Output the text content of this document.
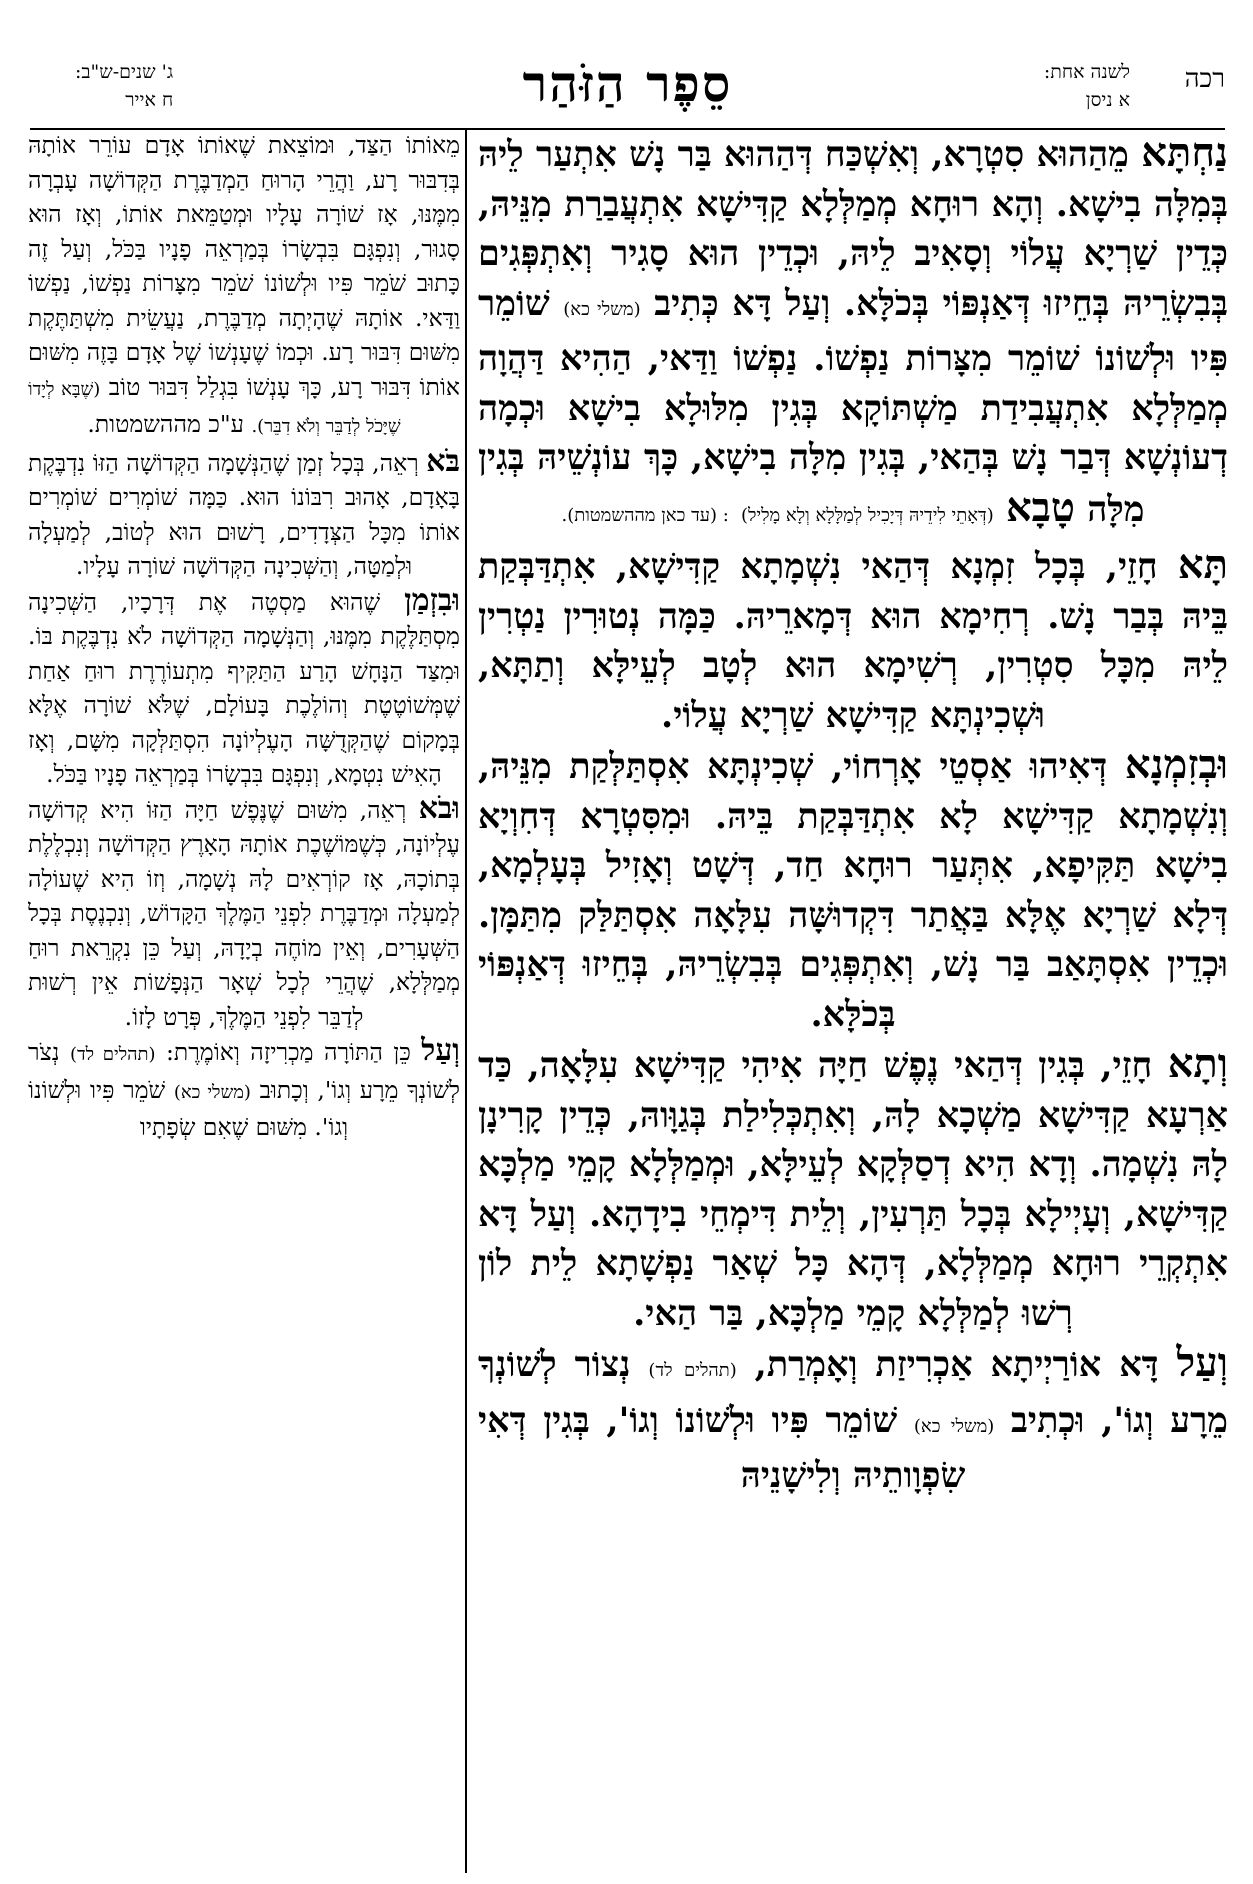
רכה
לשנה אחת:
א ניסן
סֵפֶר הַזֹּהַר
ג' שנים-ש"ב:
ח אייר

נַחְתָּא מֵהַהוּא סִטְרָא, וְאִשְׁכַּח דְּהַהוּא בַּר נָשׁ אִתְעַר לֵיהּ בְּמִלָּה בִישָׁא. וְהָא רוּחָא מְמַלְּלָא קַדִּישָׁא אִתְעֲבַרַת מִנֵּיהּ, כְּדֵין שַׁרְיָא עֲלוֹי וְסָאִיב לֵיהּ, וּכְדֵין הוּא סָגִיר וְאִתְפְּגִים בְּבִשְׂרֵיהּ בְּחֵיזוּ דְּאַנְפּוֹי בְּכֹלָּא. וְעַל דָּא כְּתִיב (משלי כא) שׁוֹמֵר פִּיו וּלְשׁוֹנוֹ שׁוֹמֵר מִצָּרוֹת נַפְשׁוֹ. נַפְשׁוֹ וַדַּאי, הַהִיא דַּהֲוָה מְמַלְּלָא אִתְעֲבִידַת מַשְׁתּוֹקָא בְּגִין מִלּוּלָא בִישָׁא וּכְמָה דְעוֹנְשָׁא דְּבַר נָשׁ בְּהַאי, בְּגִין מִלָּה בִישָׁא, כָּךְ עוֹנְשֵׁיהּ בְּגִין מִלָּה טָבָא (דְּאָתֵי לִידֵיהּ דְּיָכִיל לְמַלָּלָא וְלָא מָלִיל) : (עד כאן מההשמטות).

תָּא חָזֵי, בְּכָל זִמְנָא דְּהַאי נִשְׁמָתָא קַדִּישָׁא, אִתְדַּבְּקַת בֵּיהּ בְּבַר נָשׁ. רְחִימָא הוּא דְּמָארֵיהּ. כַּמָּה נְטוּרִין נַטְרִין לֵיהּ מִכָּל סִטְרִין, רְשִׁימָא הוּא לְטָב לְעֵילָּא וְתַתָּא, וּשְׁכִינְתָּא קַדִּישָׁא שַׁרְיָא עֲלוֹי.

וּבְזִמְנָא דְּאִיהוּ אַסְטֵי אָרְחוֹי, שְׁכִינְתָּא אִסְתַּלְּקַת מִנֵּיהּ, וְנִשְׁמָתָא קַדִּישָׁא לָא אִתְדַּבְּקַת בֵּיהּ. וּמִסִּטְרָא דְּחִוְיָא בִישָׁא תַּקִּיפָא, אִתְּעַר רוּחָא חַד, דְּשָׁט וְאָזִיל בְּעָלְמָא, דְּלָא שַׁרְיָא אֶלָּא בַּאֲתַר דִּקְדוּשָּׁה עִלָּאָה אִסְתַּלַּק מִתַּמָּן. וּכְדֵין אִסְתָּאַב בַּר נָשׁ, וְאִתְפְּגִים בְּבִשְׂרֵיהּ, בְּחֵיזוּ דְּאַנְפּוֹי בְּכֹלָּא.

וְתָא חָזֵי, בְּגִין דְּהַאי נֶפֶשׁ חַיָּה אִיהִי קַדִּישָׁא עִלָּאָה, כַּד אַרְעָא קַדִּישָׁא מַשְׁכָא לָהּ, וְאִתְכְּלִילַת בְּגַוָּוהּ, כְּדֵין קָרִינָן לָהּ נִשְׁמָה. וְדָא הִיא דְסַלְּקָא לְעֵילָּא, וּמְמַלְּלָא קָמֵי מַלְכָּא קַדִּישָׁא, וְעָיְילָא בְּכָל תַּרְעִין, וְלֵית דִּימְחֵי בִידָהָא. וְעַל דָּא אִתְקְרֵי רוּחָא מְמַלְּלָא, דְּהָא כָּל שְׁאַר נַפְשָׁתָא לֵית לוֹן רְשׁוּ לְמַלְּלָא קָמֵי מַלְכָּא, בַּר הַאי.

וְעַל דָּא אוֹרַיְיתָא אַכְרִיזַת וְאָמְרַת, (תהלים לד) נְצוֹר לְשׁוֹנְךָ מֵרָע וְגוֹ', וּכְתִיב (משלי כא) שׁוֹמֵר פִּיו וּלְשׁוֹנוֹ וְגוֹ', בְּגִין דְּאִי שִׂפְוָותֵיהּ וְלִישָׁנֵיהּ

מֵאוֹתוֹ הַצַּד, וּמוֹצֵאת שֶׁאוֹתוֹ אָדָם עוֹרֵר אוֹתָהּ בְּדִבּוּר רָע, וַהֲרֵי הָרוּחַ הַמְדַבֶּרֶת הַקְּדוֹשָׁה עָבְרָה מִמֶּנּוּ, אָז שׁוֹרָה עָלָיו וּמְטַמֵּאת אוֹתוֹ, וְאָז הוּא סָגוּר, וְנִפְגָּם בִּבְשָׂרוֹ בְּמַרְאֵה פָנָיו בַּכֹּל, וְעַל זֶה כָּתוּב שֹׁמֵר פִּיו וּלְשׁוֹנוֹ שֹׁמֵר מִצָּרוֹת נַפְשׁוֹ, נַפְשׁוֹ וַדַּאי. אוֹתָהּ שֶׁהָיְתָה מְדַבֶּרֶת, נַעֲשֵׂית מִשְׁתַּתֶּקֶת מִשּׁוּם דִּבּוּר רָע. וּכְמוֹ שֶׁעָנְשׁוֹ שֶׁל אָדָם בָּזֶה מִשּׁוּם אוֹתוֹ דִּבּוּר רָע, כָּךְ עָנְשׁוֹ בִּגְלַל דִּבּוּר טוֹב (שֶׁבָּא לְיָדוֹ שֶׁיָּכֹל לְדַבֵּר וְלֹא דִבֵּר). ע"כ מההשמטות.

בֹּא רְאֵה, בְּכָל זְמַן שֶׁהַנְּשָׁמָה הַקְּדוֹשָׁה הַזּוֹ נִדְבֶּקֶת בָּאָדָם, אָהוּב רִבּוֹנוֹ הוּא. כַּמָּה שׁוֹמְרִים שׁוֹמְרִים אוֹתוֹ מִכָּל הַצְּדָדִים, רָשׁוּם הוּא לְטוֹב, לְמַעְלָה וּלְמַטָּה, וְהַשְּׁכִינָה הַקְּדוֹשָׁה שׁוֹרָה עָלָיו.

וּבִזְמַן שֶׁהוּא מַסְטֶה אֶת דְּרָכָיו, הַשְּׁכִינָה מִסְתַּלֶּקֶת מִמֶּנּוּ, וְהַנְּשָׁמָה הַקְּדוֹשָׁה לֹא נִדְבֶּקֶת בּוֹ. וּמִצַּד הַנָּחָשׁ הָרַע הַתַּקִּיף מִתְעוֹרֶרֶת רוּחַ אַחַת שֶׁמְּשׁוֹטֶטֶת וְהוֹלֶכֶת בָּעוֹלָם, שֶׁלֹּא שׁוֹרָה אֶלָּא בְּמָקוֹם שֶׁהַקְּדֻשָּׁה הָעֶלְיוֹנָה הִסְתַּלְּקָה מִשָּׁם, וְאָז הָאִישׁ נִטְמָא, וְנִפְגָּם בִּבְשָׂרוֹ בְּמַרְאֵה פָנָיו בַּכֹּל.

וּבֹא רְאֵה, מִשּׁוּם שֶׁנֶּפֶשׁ חַיָּה הַזּוֹ הִיא קְדוֹשָׁה עֶלְיוֹנָה, כְּשֶׁמּוֹשֶׁכֶת אוֹתָהּ הָאָרֶץ הַקְּדוֹשָׁה וְנִכְלֶלֶת בְּתוֹכָהּ, אָז קוֹרְאִים לָהּ נְשָׁמָה, וְזוֹ הִיא שֶׁעוֹלָה לְמַעְלָה וּמְדַבֶּרֶת לִפְנֵי הַמֶּלֶךְ הַקָּדוֹשׁ, וְנִכְנֶסֶת בְּכָל הַשְּׁעָרִים, וְאֵין מוֹחֶה בְיָדָהּ, וְעַל כֵּן נִקְרֵאת רוּחַ מְמַלְּלָא, שֶׁהֲרֵי לְכָל שְׁאָר הַנְּפָשׁוֹת אֵין רְשׁוּת לְדַבֵּר לִפְנֵי הַמֶּלֶךְ, פְּרָט לָזוֹ.

וְעַל כֵּן הַתּוֹרָה מַכְרִיזָה וְאוֹמֶרֶת: (תהלים לד) נְצֹר לְשׁוֹנְךָ מֵרָע וְגוֹ', וְכָתוּב (משלי כא) שֹׁמֵר פִּיו וּלְשׁוֹנוֹ וְגוֹ'. מִשּׁוּם שֶׁאִם שְׂפָתָיו
